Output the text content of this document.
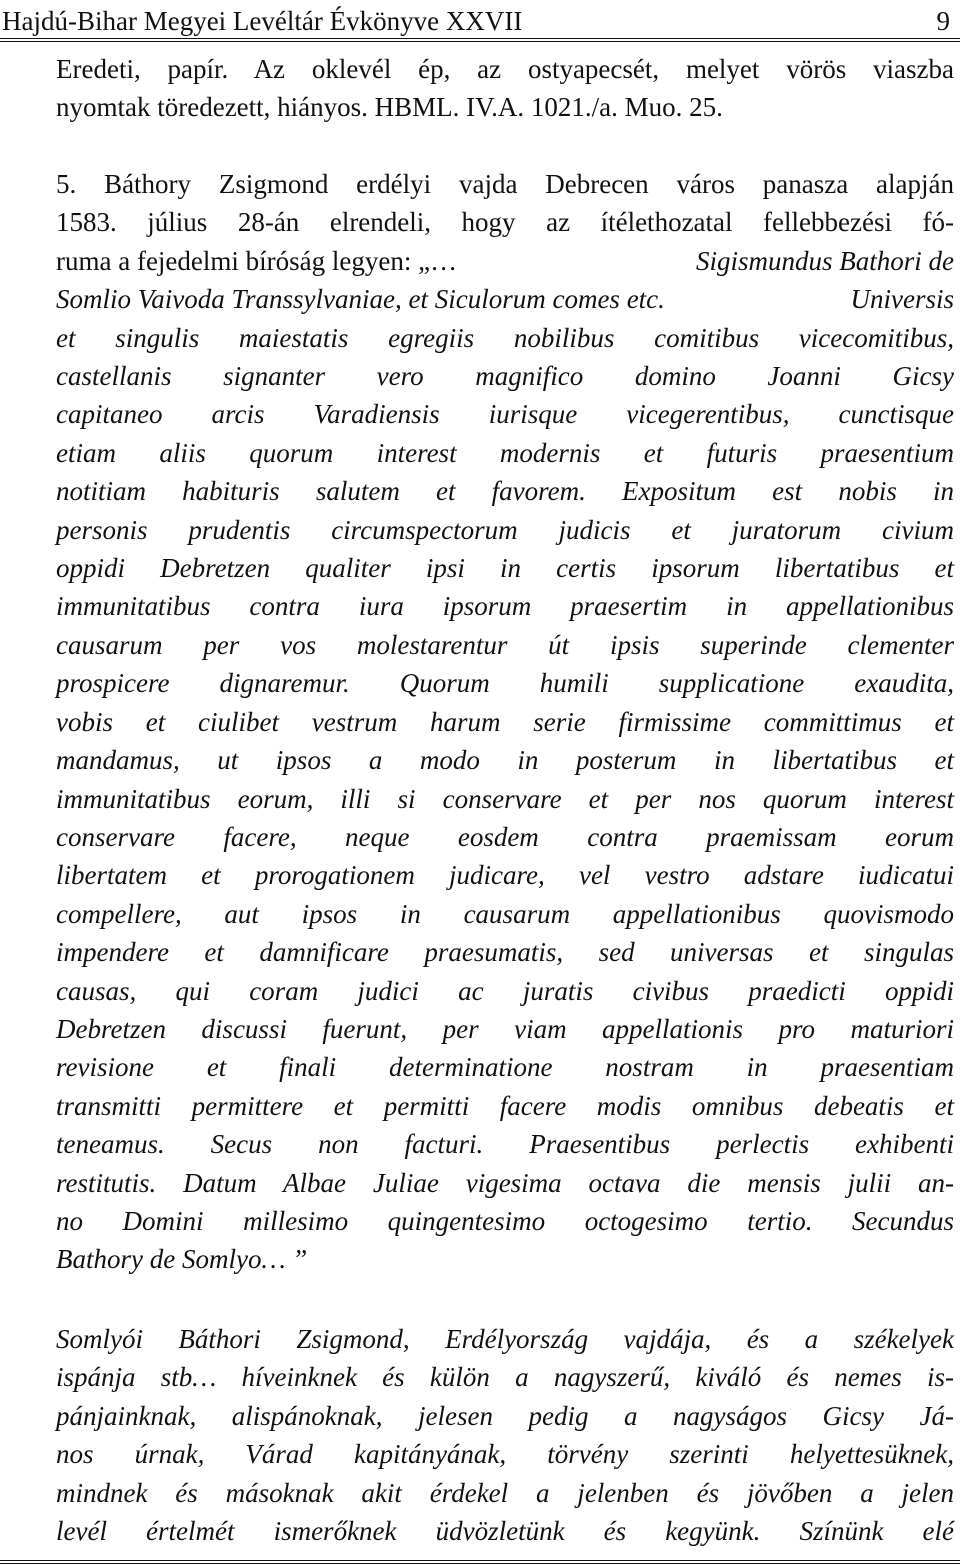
Hajdú-Bihar Megyei Levéltár Évkönyve XXVII	9
Eredeti, papír. Az oklevél ép, az ostyapecsét, melyet vörös viaszba
nyomtak töredezett, hiányos. HBML. IV.A. 1021./a. Muo. 25.
5. Báthory Zsigmond erdélyi vajda Debrecen város panasza alapján
1583. július 28-án elrendeli, hogy az ítélethozatal fellebbezési fó-
ruma a fejedelmi bíróság legyen: „…	Sigismundus Bathori de
Somlio Vaivoda Transsylvaniae, et Siculorum comes etc.	Universis
et singulis maiestatis egregiis nobilibus comitibus vicecomitibus,
castellanis signanter vero magnifico domino Joanni Gicsy
capitaneo arcis Varadiensis iurisque vicegerentibus, cunctisque
etiam aliis quorum interest modernis et futuris praesentium
notitiam habituris salutem et favorem. Expositum est nobis in
personis prudentis circumspectorum judicis et juratorum civium
oppidi Debretzen qualiter ipsi in certis ipsorum libertatibus et
immunitatibus contra iura ipsorum praesertim in appellationibus
causarum per vos molestarentur út ipsis superinde clementer
prospicere dignaremur. Quorum humili supplicatione exaudita,
vobis et ciulibet vestrum harum serie firmissime committimus et
mandamus, ut ipsos a modo in posterum in libertatibus et
immunitatibus eorum, illi si conservare et per nos quorum interest
conservare facere, neque eosdem contra praemissam eorum
libertatem et prorogationem judicare, vel vestro adstare iudicatui
compellere, aut ipsos in causarum appellationibus quovismodo
impendere et damnificare praesumatis, sed universas et singulas
causas, qui coram judici ac juratis civibus praedicti oppidi
Debretzen discussi fuerunt, per viam appellationis pro maturiori
revisione et finali determinatione nostram in praesentiam
transmitti permittere et permitti facere modis omnibus debeatis et
teneamus. Secus non facturi. Praesentibus perlectis exhibenti
restitutis. Datum Albae Juliae vigesima octava die mensis julii an-
no Domini millesimo quingentesimo octogesimo tertio. Secundus
Bathory de Somlyo… ”
Somlyói Báthori Zsigmond, Erdélyország vajdája, és a székelyek
ispánja stb… híveinknek és külön a nagyszerű, kiváló és nemes is-
pánjainknak, alispánoknak, jelesen pedig a nagyságos Gicsy Já-
nos úrnak, Várad kapitányának, törvény szerinti helyettesüknek,
mindnek és másoknak akit érdekel a jelenben és jövőben a jelen
levél értelmét ismerőknek üdvözletünk és kegyünk. Színünk elé
